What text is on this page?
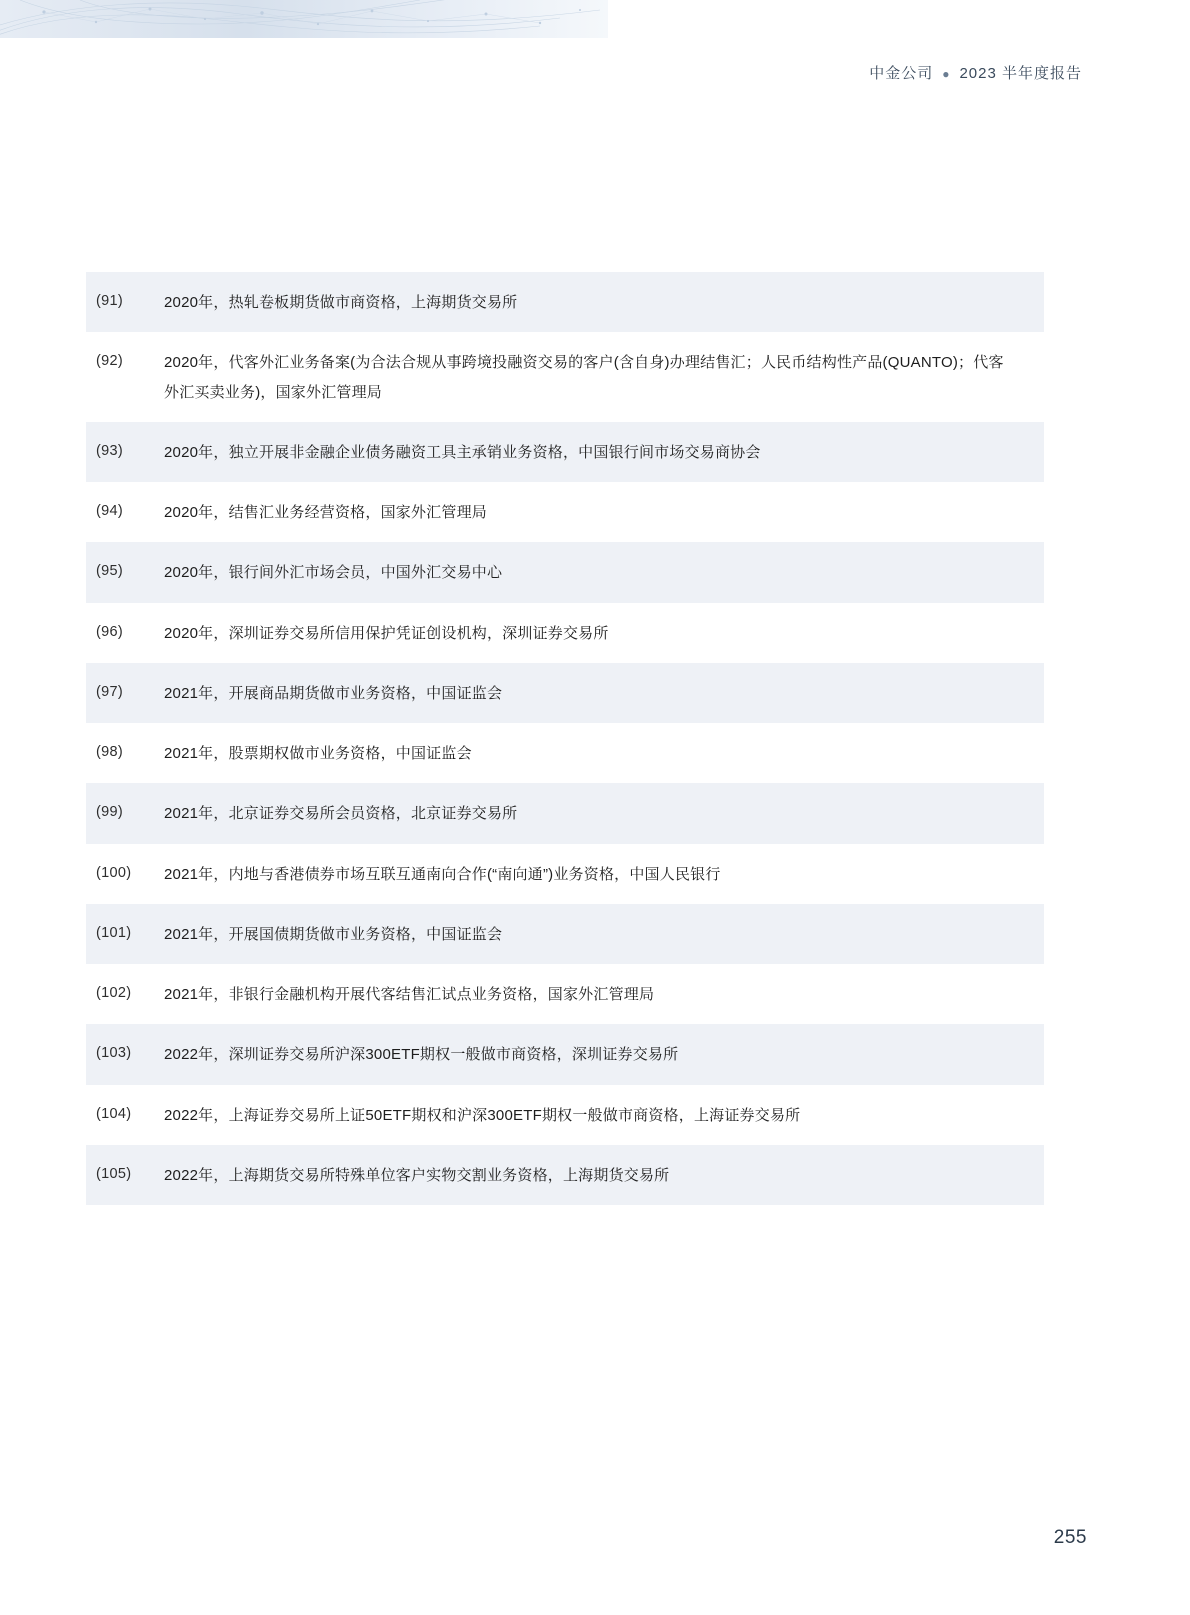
中金公司 ● 2023 半年度报告
(91)	2020年，热轧卷板期货做市商资格，上海期货交易所
(92)	2020年，代客外汇业务备案(为合法合规从事跨境投融资交易的客户(含自身)办理结售汇；人民币结构性产品(QUANTO)；代客外汇买卖业务)，国家外汇管理局
(93)	2020年，独立开展非金融企业债务融资工具主承销业务资格，中国银行间市场交易商协会
(94)	2020年，结售汇业务经营资格，国家外汇管理局
(95)	2020年，银行间外汇市场会员，中国外汇交易中心
(96)	2020年，深圳证券交易所信用保护凭证创设机构，深圳证券交易所
(97)	2021年，开展商品期货做市业务资格，中国证监会
(98)	2021年，股票期权做市业务资格，中国证监会
(99)	2021年，北京证券交易所会员资格，北京证券交易所
(100)	2021年，内地与香港债券市场互联互通南向合作(“南向通”)业务资格，中国人民银行
(101)	2021年，开展国债期货做市业务资格，中国证监会
(102)	2021年，非银行金融机构开展代客结售汇试点业务资格，国家外汇管理局
(103)	2022年，深圳证券交易所沪深300ETF期权一般做市商资格，深圳证券交易所
(104)	2022年，上海证券交易所上证50ETF期权和沪深300ETF期权一般做市商资格，上海证券交易所
(105)	2022年，上海期货交易所特殊单位客户实物交割业务资格，上海期货交易所
255
